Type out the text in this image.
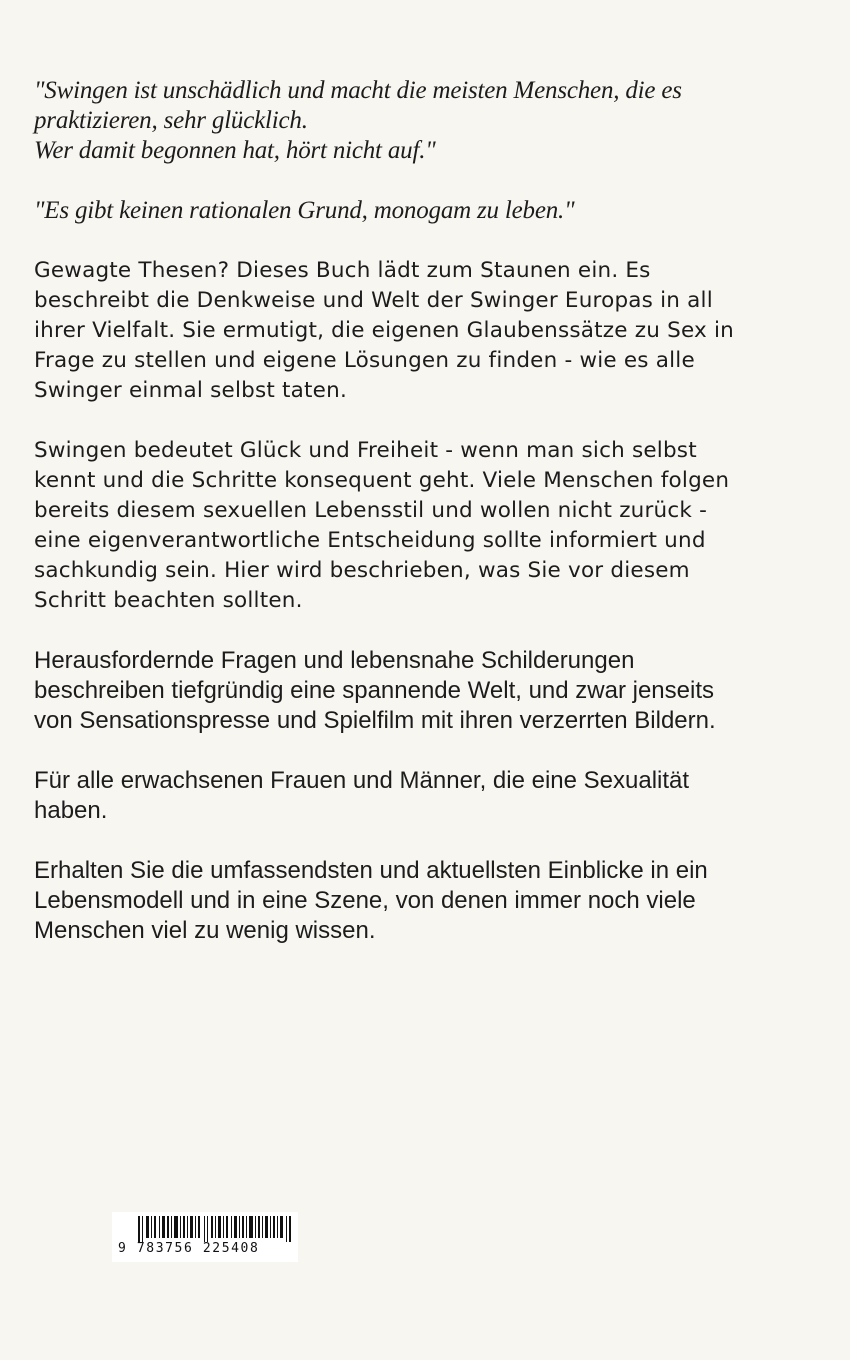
"Swingen ist unschädlich und macht die meisten Menschen, die es
praktizieren, sehr glücklich.
Wer damit begonnen hat, hört nicht auf."

"Es gibt keinen rationalen Grund, monogam zu leben."

Gewagte Thesen? Dieses Buch lädt zum Staunen ein. Es beschreibt die Denkweise und Welt der Swinger Europas in all ihrer Vielfalt. Sie ermutigt, die eigenen Glaubenssätze zu Sex in Frage zu stellen und eigene Lösungen zu finden - wie es alle Swinger einmal selbst taten.

Swingen bedeutet Glück und Freiheit - wenn man sich selbst kennt und die Schritte konsequent geht. Viele Menschen folgen bereits diesem sexuellen Lebensstil und wollen nicht zurück - eine eigenverantwortliche Entscheidung sollte informiert und sachkundig sein. Hier wird beschrieben, was Sie vor diesem Schritt beachten sollten.

Herausfordernde Fragen und lebensnahe Schilderungen beschreiben tiefgründig eine spannende Welt, und zwar jenseits von Sensationspresse und Spielfilm mit ihren verzerrten Bildern.

Für alle erwachsenen Frauen und Männer, die eine Sexualität haben.

Erhalten Sie die umfassendsten und aktuellsten Einblicke in ein Lebensmodell und in eine Szene, von denen immer noch viele Menschen viel zu wenig wissen.

9 783756 225408
